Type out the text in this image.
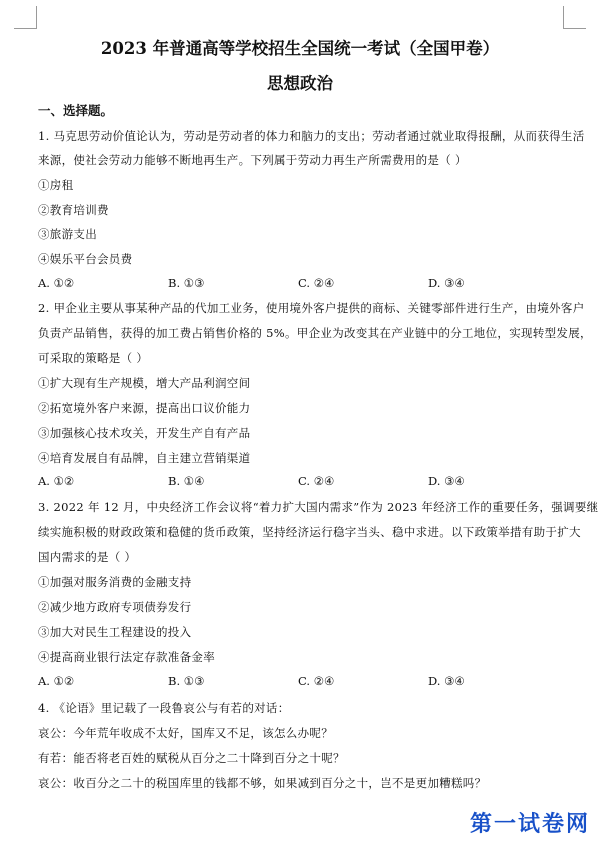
2023 年普通高等学校招生全国统一考试（全国甲卷）
思想政治
一、选择题。
1. 马克思劳动价值论认为，劳动是劳动者的体力和脑力的支出；劳动者通过就业取得报酬，从而获得生活
来源，使社会劳动力能够不断地再生产。下列属于劳动力再生产所需费用的是（ ）
①房租
②教育培训费
③旅游支出
④娱乐平台会员费
A. ①②	B. ①③	C. ②④	D. ③④
2. 甲企业主要从事某种产品的代加工业务，使用境外客户提供的商标、关键零部件进行生产，由境外客户
负责产品销售，获得的加工费占销售价格的 5%。甲企业为改变其在产业链中的分工地位，实现转型发展，
可采取的策略是（ ）
①扩大现有生产规模，增大产品利润空间
②拓宽境外客户来源，提高出口议价能力
③加强核心技术攻关，开发生产自有产品
④培育发展自有品牌，自主建立营销渠道
A. ①②	B. ①④	C. ②④	D. ③④
3. 2022 年 12 月，中央经济工作会议将“着力扩大国内需求”作为 2023 年经济工作的重要任务，强调要继
续实施积极的财政政策和稳健的货币政策，坚持经济运行稳字当头、稳中求进。以下政策举措有助于扩大
国内需求的是（ ）
①加强对服务消费的金融支持
②减少地方政府专项债券发行
③加大对民生工程建设的投入
④提高商业银行法定存款准备金率
A. ①②	B. ①③	C. ②④	D. ③④
4. 《论语》里记载了一段鲁哀公与有若的对话：
哀公：今年荒年收成不太好，国库又不足，该怎么办呢？
有若：能否将老百姓的赋税从百分之二十降到百分之十呢？
哀公：收百分之二十的税国库里的钱都不够，如果减到百分之十，岂不是更加糟糕吗？
第一试卷网
